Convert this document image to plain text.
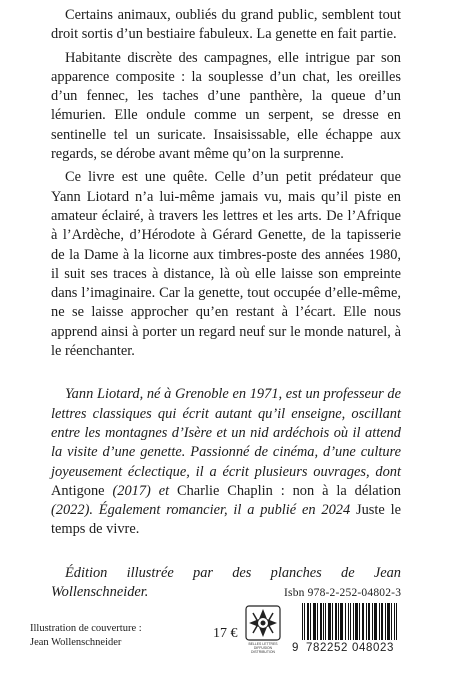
Certains animaux, oubliés du grand public, semblent tout droit sortis d’un bestiaire fabuleux. La genette en fait partie.

Habitante discrète des campagnes, elle intrigue par son apparence composite : la souplesse d’un chat, les oreilles d’un fennec, les taches d’une panthère, la queue d’un lémurien. Elle ondule comme un serpent, se dresse en sentinelle tel un suricate. Insaisissable, elle échappe aux regards, se dérobe avant même qu’on la surprenne.

Ce livre est une quête. Celle d’un petit prédateur que Yann Liotard n’a lui-même jamais vu, mais qu’il piste en amateur éclairé, à travers les lettres et les arts. De l’Afrique à l’Ardèche, d’Hérodote à Gérard Genette, de la tapisserie de la Dame à la licorne aux timbres-poste des années 1980, il suit ses traces à distance, là où elle laisse son empreinte dans l’imaginaire. Car la genette, tout occupée d’elle-même, ne se laisse approcher qu’en restant à l’écart. Elle nous apprend ainsi à porter un regard neuf sur le monde naturel, à le réenchanter.

Yann Liotard, né à Grenoble en 1971, est un professeur de lettres classiques qui écrit autant qu’il enseigne, oscillant entre les montagnes d’Isère et un nid ardéchois où il attend la visite d’une genette. Passionné de cinéma, d’une culture joyeusement éclectique, il a écrit plusieurs ouvrages, dont Antigone (2017) et Charlie Chaplin : non à la délation (2022). Également romancier, il a publié en 2024 Juste le temps de vivre.

Édition illustrée par des planches de Jean Wollenschneider.	Isbn 978-2-252-04802-3
Illustration de couverture :
Jean Wollenschneider
17 €
BELLES LETTRES DIFFUSION DISTRIBUTION	9 782252 048023
